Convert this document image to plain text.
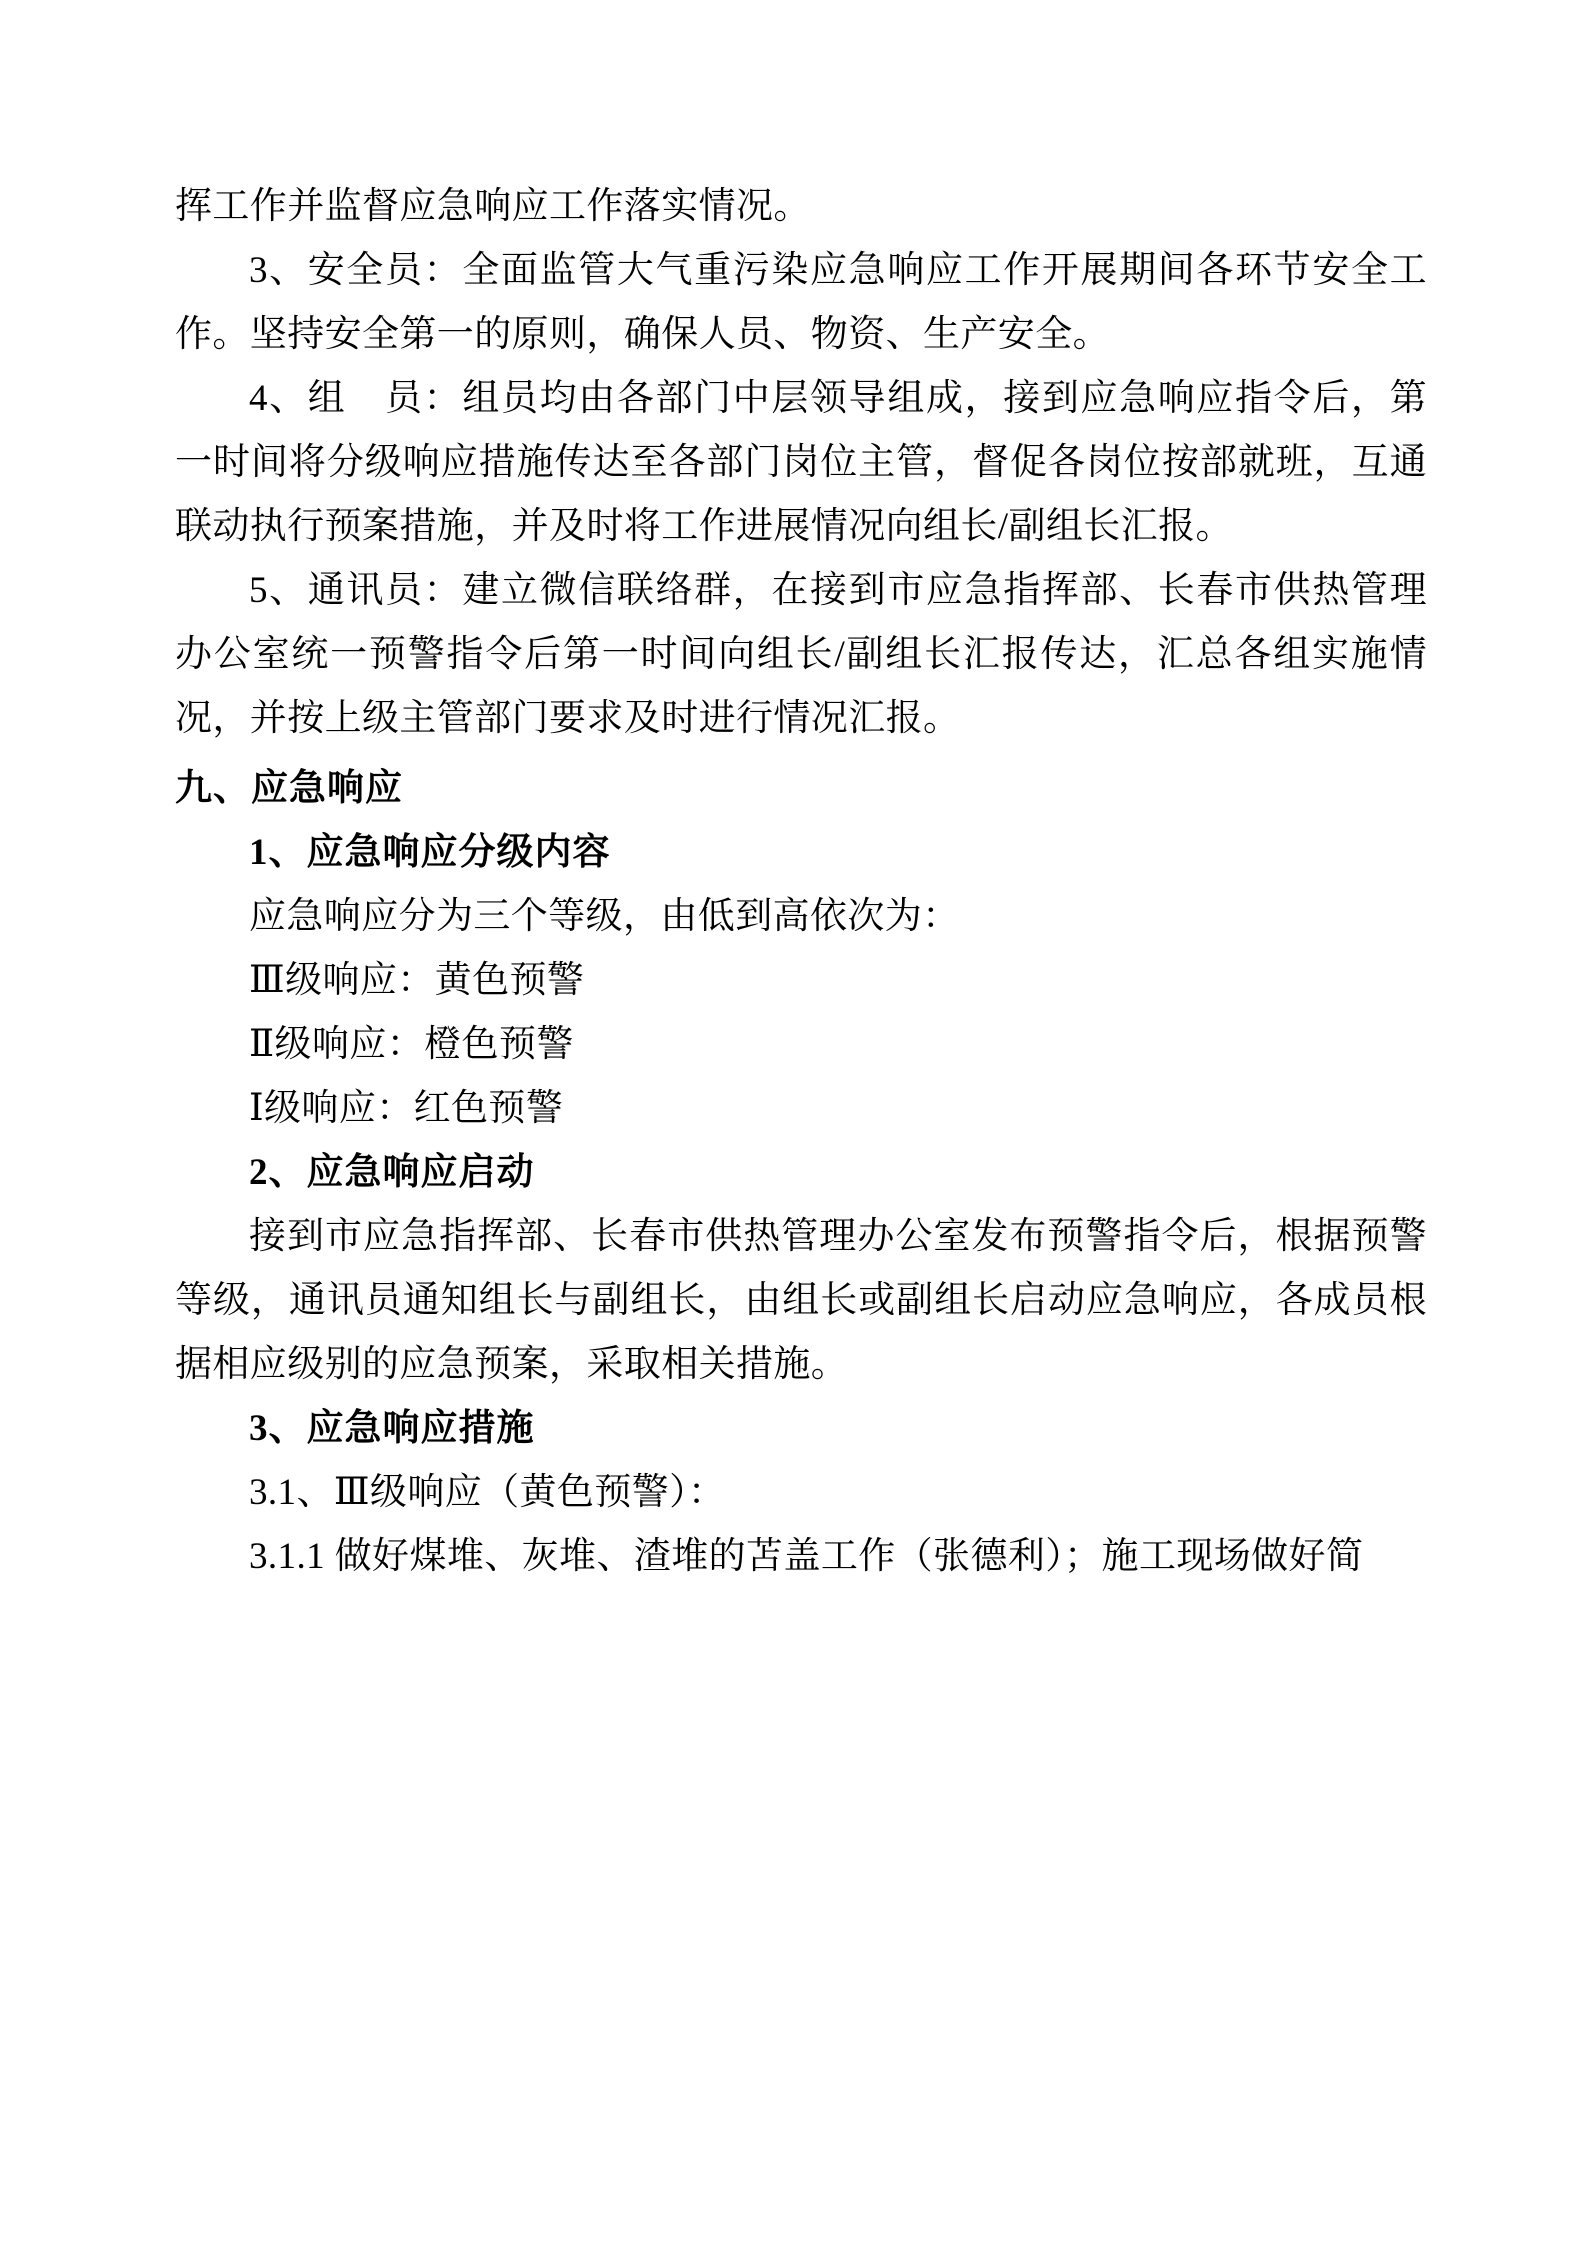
挥工作并监督应急响应工作落实情况。

3、安全员：全面监管大气重污染应急响应工作开展期间各环节安全工作。坚持安全第一的原则，确保人员、物资、生产安全。

4、组　员：组员均由各部门中层领导组成，接到应急响应指令后，第一时间将分级响应措施传达至各部门岗位主管，督促各岗位按部就班，互通联动执行预案措施，并及时将工作进展情况向组长/副组长汇报。

5、通讯员：建立微信联络群，在接到市应急指挥部、长春市供热管理办公室统一预警指令后第一时间向组长/副组长汇报传达，汇总各组实施情况，并按上级主管部门要求及时进行情况汇报。

九、应急响应

1、应急响应分级内容

应急响应分为三个等级，由低到高依次为：

Ⅲ级响应：黄色预警

Ⅱ级响应：橙色预警

Ⅰ级响应：红色预警

2、应急响应启动

接到市应急指挥部、长春市供热管理办公室发布预警指令后，根据预警等级，通讯员通知组长与副组长，由组长或副组长启动应急响应，各成员根据相应级别的应急预案，采取相关措施。

3、应急响应措施

3.1、Ⅲ级响应（黄色预警）：

3.1.1 做好煤堆、灰堆、渣堆的苫盖工作（张德利）；施工现场做好简
